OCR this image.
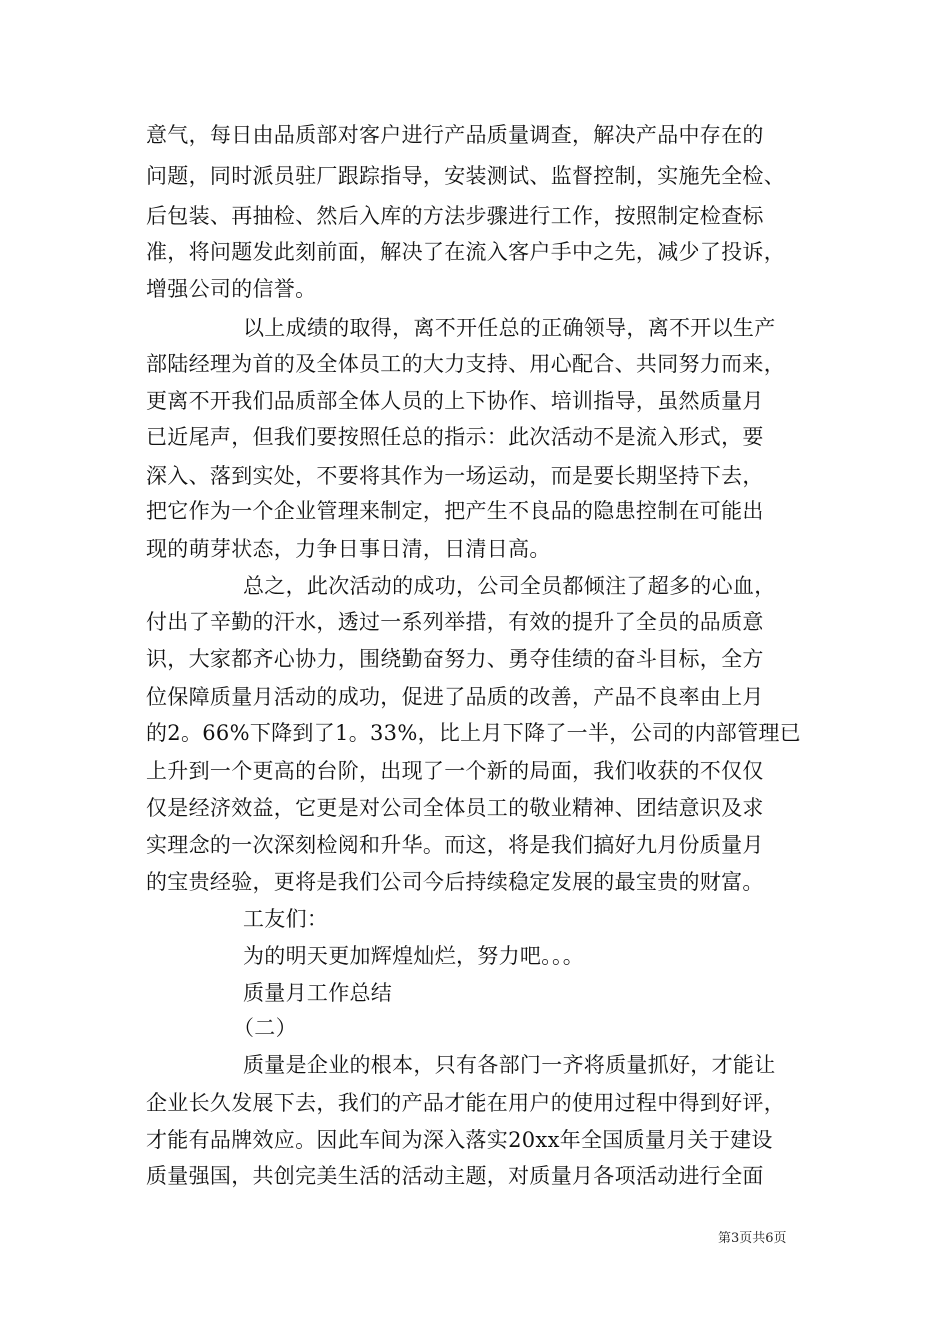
意气，每日由品质部对客户进行产品质量调查，解决产品中存在的
问题，同时派员驻厂跟踪指导，安装测试、监督控制，实施先全检、
后包装、再抽检、然后入库的方法步骤进行工作，按照制定检查标
准，将问题发此刻前面，解决了在流入客户手中之先，减少了投诉，
增强公司的信誉。
以上成绩的取得，离不开任总的正确领导，离不开以生产
部陆经理为首的及全体员工的大力支持、用心配合、共同努力而来，
更离不开我们品质部全体人员的上下协作、培训指导，虽然质量月
已近尾声，但我们要按照任总的指示：此次活动不是流入形式，要
深入、落到实处，不要将其作为一场运动，而是要长期坚持下去，
把它作为一个企业管理来制定，把产生不良品的隐患控制在可能出
现的萌芽状态，力争日事日清，日清日高。
总之，此次活动的成功，公司全员都倾注了超多的心血，
付出了辛勤的汗水，透过一系列举措，有效的提升了全员的品质意
识，大家都齐心协力，围绕勤奋努力、勇夺佳绩的奋斗目标，全方
位保障质量月活动的成功，促进了品质的改善，产品不良率由上月
的2。66%下降到了1。33%，比上月下降了一半，公司的内部管理已
上升到一个更高的台阶，出现了一个新的局面，我们收获的不仅仅
仅是经济效益，它更是对公司全体员工的敬业精神、团结意识及求
实理念的一次深刻检阅和升华。而这，将是我们搞好九月份质量月
的宝贵经验，更将是我们公司今后持续稳定发展的最宝贵的财富。
工友们：
为的明天更加辉煌灿烂，努力吧。。。
质量月工作总结
（二）
质量是企业的根本，只有各部门一齐将质量抓好，才能让
企业长久发展下去，我们的产品才能在用户的使用过程中得到好评，
才能有品牌效应。因此车间为深入落实20xx年全国质量月关于建设
质量强国，共创完美生活的活动主题，对质量月各项活动进行全面
第3页共6页
